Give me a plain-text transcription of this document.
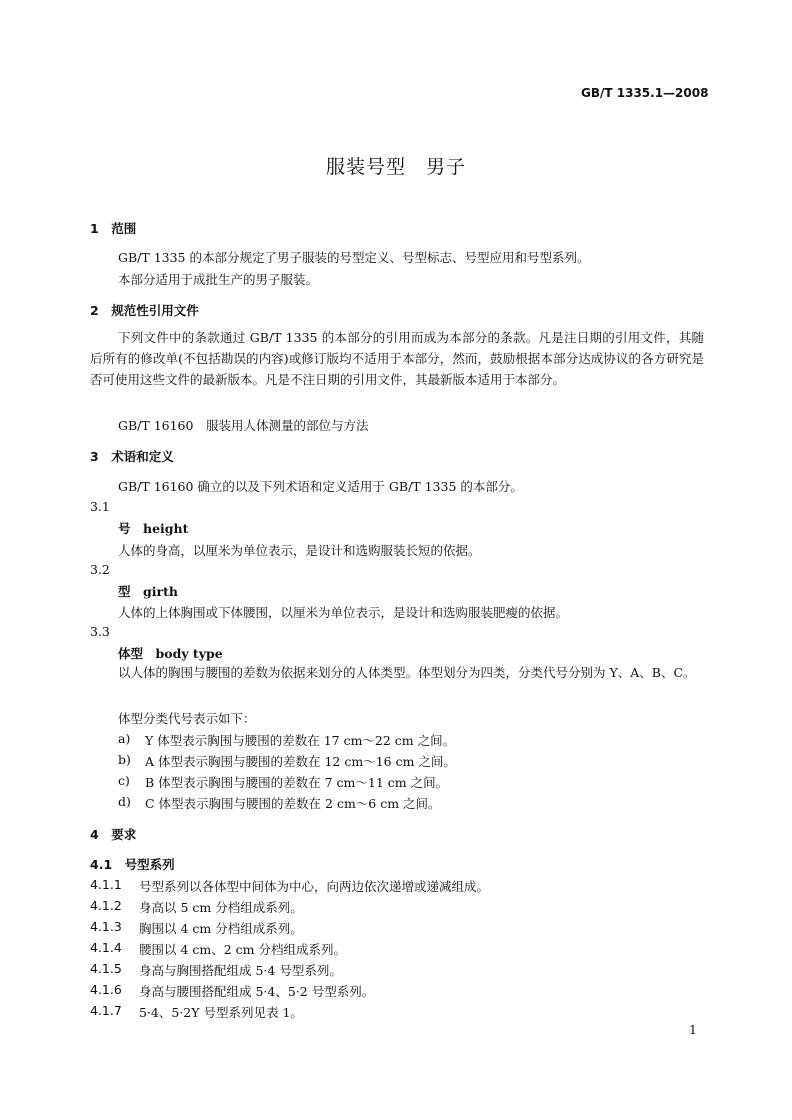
GB/T 1335.1—2008
服装号型　男子
1　范围
GB/T 1335 的本部分规定了男子服装的号型定义、号型标志、号型应用和号型系列。
本部分适用于成批生产的男子服装。
2　规范性引用文件
下列文件中的条款通过 GB/T 1335 的本部分的引用而成为本部分的条款。凡是注日期的引用文件，其随后所有的修改单(不包括勘误的内容)或修订版均不适用于本部分，然而，鼓励根据本部分达成协议的各方研究是否可使用这些文件的最新版本。凡是不注日期的引用文件，其最新版本适用于本部分。
GB/T 16160　服装用人体测量的部位与方法
3　术语和定义
GB/T 16160 确立的以及下列术语和定义适用于 GB/T 1335 的本部分。
3.1
号　height
人体的身高，以厘米为单位表示，是设计和选购服装长短的依据。
3.2
型　girth
人体的上体胸围或下体腰围，以厘米为单位表示，是设计和选购服装肥瘦的依据。
3.3
体型　body type
以人体的胸围与腰围的差数为依据来划分的人体类型。体型划分为四类，分类代号分别为 Y、A、B、C。
体型分类代号表示如下：
a) Y 体型表示胸围与腰围的差数在 17 cm～22 cm 之间。
b) A 体型表示胸围与腰围的差数在 12 cm～16 cm 之间。
c) B 体型表示胸围与腰围的差数在 7 cm～11 cm 之间。
d) C 体型表示胸围与腰围的差数在 2 cm～6 cm 之间。
4　要求
4.1　号型系列
4.1.1 号型系列以各体型中间体为中心，向两边依次递增或递减组成。
4.1.2 身高以 5 cm 分档组成系列。
4.1.3 胸围以 4 cm 分档组成系列。
4.1.4 腰围以 4 cm、2 cm 分档组成系列。
4.1.5 身高与胸围搭配组成 5·4 号型系列。
4.1.6 身高与腰围搭配组成 5·4、5·2 号型系列。
4.1.7 5·4、5·2Y 号型系列见表 1。
1
